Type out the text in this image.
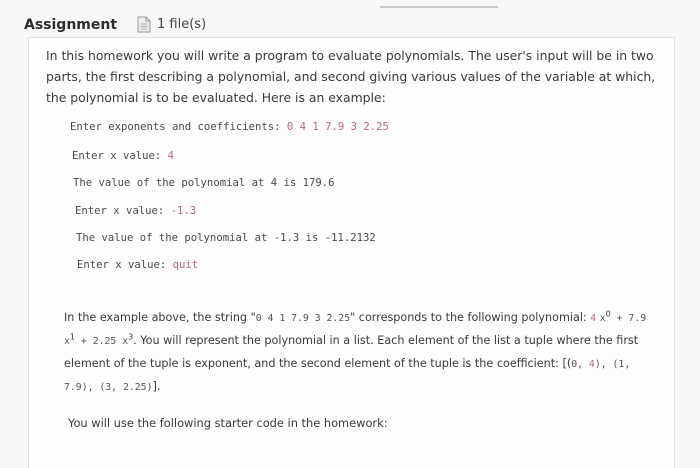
Assignment	1 file(s)
In this homework you will write a program to evaluate polynomials. The user's input will be in two parts, the first describing a polynomial, and second giving various values of the variable at which, the polynomial is to be evaluated. Here is an example:
Enter exponents and coefficients: 0 4 1 7.9 3 2.25
Enter x value: 4
The value of the polynomial at 4 is 179.6
Enter x value: -1.3
The value of the polynomial at -1.3 is -11.2132
Enter x value: quit
In the example above, the string "0 4 1 7.9 3 2.25" corresponds to the following polynomial: 4 $x^0 + 7.9$ $x^1 + 2.25$ $x^3$. You will represent the polynomial in a list. Each element of the list a tuple where the first element of the tuple is exponent, and the second element of the tuple is the coefficient: [(0, 4), (1, 7.9), (3, 2.25)].
You will use the following starter code in the homework:
